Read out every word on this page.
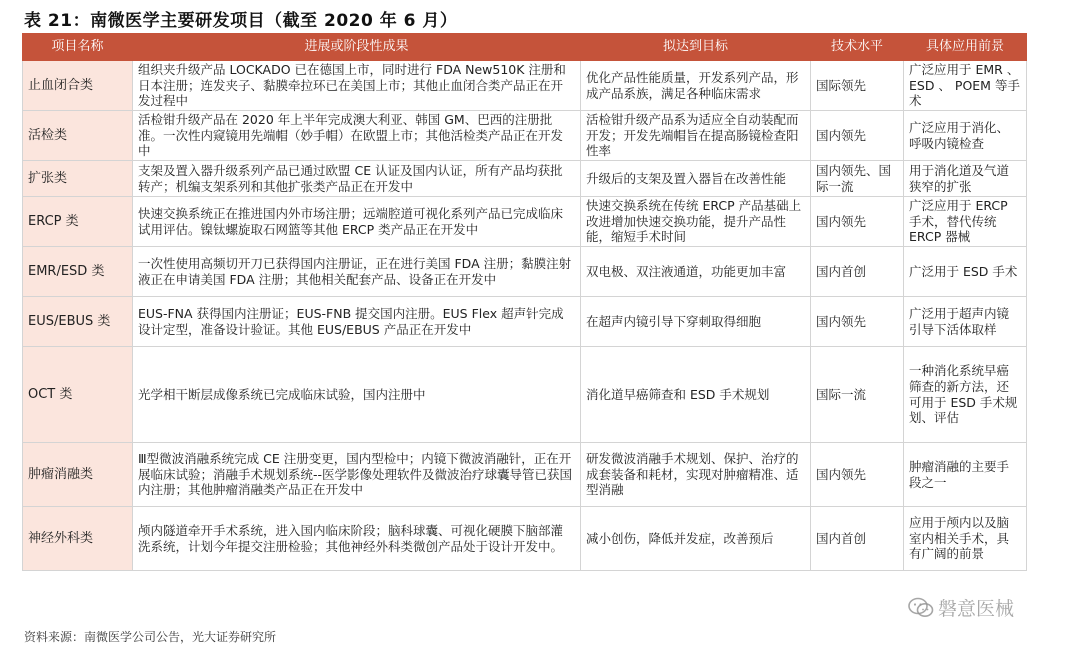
表 21：南微医学主要研发项目（截至 2020 年 6 月）
项目名称	进展或阶段性成果	拟达到目标	技术水平	具体应用前景
止血闭合类	组织夹升级产品 LOCKADO 已在德国上市，同时进行 FDA New510K 注册和日本注册；连发夹子、黏膜牵拉环已在美国上市；其他止血闭合类产品正在开发过程中	优化产品性能质量，开发系列产品，形成产品系族，满足各种临床需求	国际领先	广泛应用于 EMR 、 ESD 、 POEM 等手术
活检类	活检钳升级产品在 2020 年上半年完成澳大利亚、韩国 GM、巴西的注册批准。一次性内窥镜用先端帽（妙手帽）在欧盟上市；其他活检类产品正在开发中	活检钳升级产品系为适应全自动装配而开发；开发先端帽旨在提高肠镜检查阳性率	国内领先	广泛应用于消化、呼吸内镜检查
扩张类	支架及置入器升级系列产品已通过欧盟 CE 认证及国内认证，所有产品均获批转产；机编支架系列和其他扩张类产品正在开发中	升级后的支架及置入器旨在改善性能	国内领先、国际一流	用于消化道及气道狭窄的扩张
ERCP 类	快速交换系统正在推进国内外市场注册；远端腔道可视化系列产品已完成临床试用评估。镍钛螺旋取石网篮等其他 ERCP 类产品正在开发中	快速交换系统在传统 ERCP 产品基础上改进增加快速交换功能，提升产品性能，缩短手术时间	国内领先	广泛应用于 ERCP 手术，替代传统 ERCP 器械
EMR/ESD 类	一次性使用高频切开刀已获得国内注册证，正在进行美国 FDA 注册；黏膜注射液正在申请美国 FDA 注册；其他相关配套产品、设备正在开发中	双电极、双注液通道，功能更加丰富	国内首创	广泛用于 ESD 手术
EUS/EBUS 类	EUS-FNA 获得国内注册证；EUS-FNB 提交国内注册。EUS Flex 超声针完成设计定型，准备设计验证。其他 EUS/EBUS 产品正在开发中	在超声内镜引导下穿刺取得细胞	国内领先	广泛用于超声内镜引导下活体取样
OCT 类	光学相干断层成像系统已完成临床试验，国内注册中	消化道早癌筛查和 ESD 手术规划	国际一流	一种消化系统早癌筛查的新方法，还可用于 ESD 手术规划、评估
肿瘤消融类	Ⅲ型微波消融系统完成 CE 注册变更，国内型检中；内镜下微波消融针，正在开展临床试验；消融手术规划系统--医学影像处理软件及微波治疗球囊导管已获国内注册；其他肿瘤消融类产品正在开发中	研发微波消融手术规划、保护、治疗的成套装备和耗材，实现对肿瘤精准、适型消融	国内领先	肿瘤消融的主要手段之一
神经外科类	颅内隧道牵开手术系统，进入国内临床阶段；脑科球囊、可视化硬膜下脑部灌洗系统，计划今年提交注册检验；其他神经外科类微创产品处于设计开发中。	减小创伤，降低并发症，改善预后	国内首创	应用于颅内以及脑室内相关手术，具有广阔的前景
资料来源：南微医学公司公告，光大证券研究所
磐意医械
